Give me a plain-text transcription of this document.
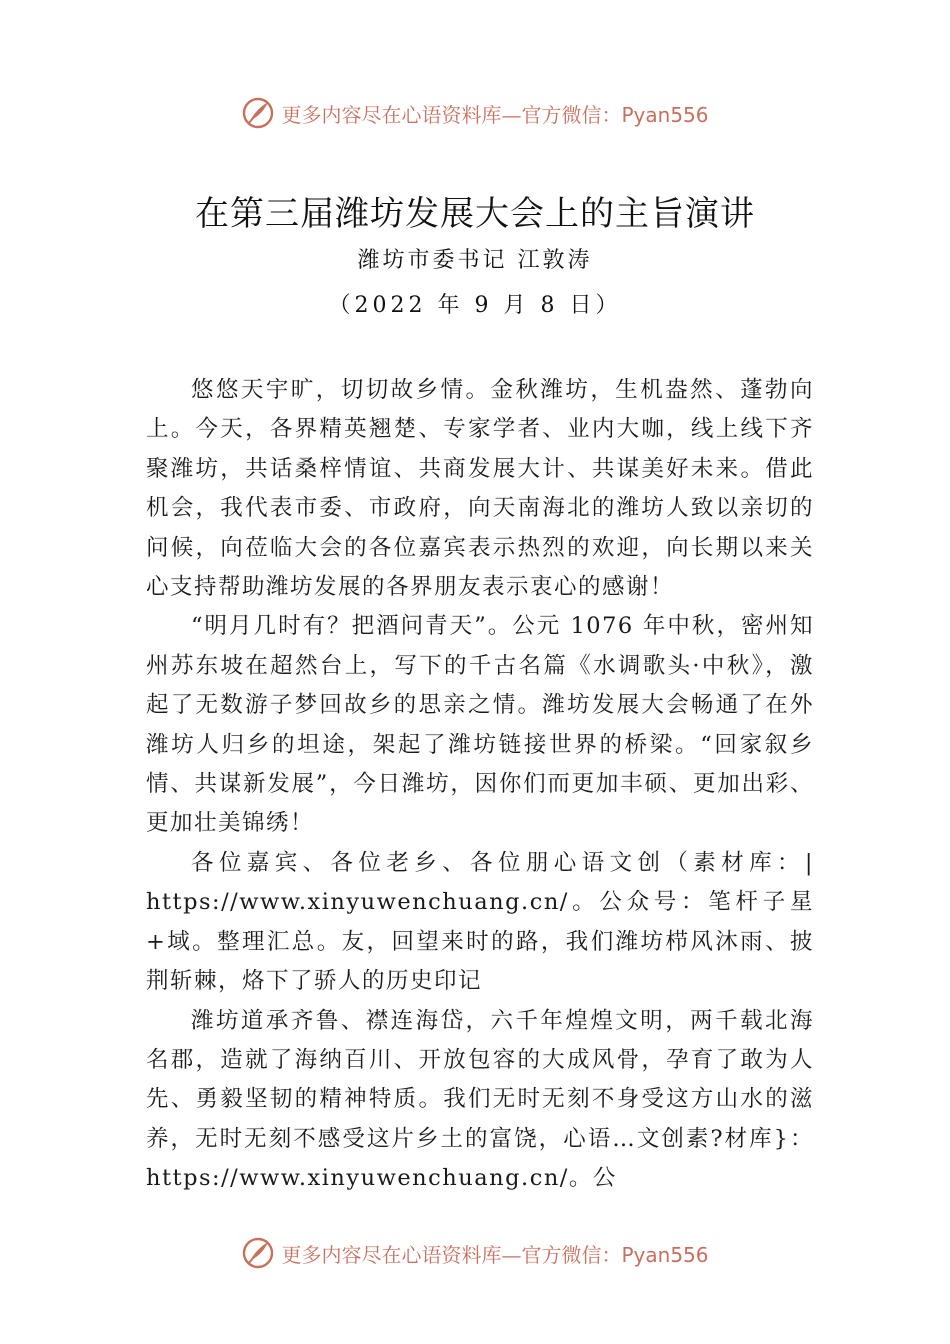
更多内容尽在心语资料库—官方微信：Pyan556
在第三届潍坊发展大会上的主旨演讲
潍坊市委书记 江敦涛
（2022 年 9 月 8 日）

悠悠天宇旷，切切故乡情。金秋潍坊，生机盎然、蓬勃向上。今天，各界精英翘楚、专家学者、业内大咖，线上线下齐聚潍坊，共话桑梓情谊、共商发展大计、共谋美好未来。借此机会，我代表市委、市政府，向天南海北的潍坊人致以亲切的问候，向莅临大会的各位嘉宾表示热烈的欢迎，向长期以来关心支持帮助潍坊发展的各界朋友表示衷心的感谢！

“明月几时有？把酒问青天”。公元 1076 年中秋，密州知州苏东坡在超然台上，写下的千古名篇《水调歌头·中秋》，激起了无数游子梦回故乡的思亲之情。潍坊发展大会畅通了在外潍坊人归乡的坦途，架起了潍坊链接世界的桥梁。“回家叙乡情、共谋新发展”，今日潍坊，因你们而更加丰硕、更加出彩、更加壮美锦绣！

各位嘉宾、各位老乡、各位朋心语文创（素材库：| https://www.xinyuwenchuang.cn/。公众号：笔杆子星+域。整理汇总。友，回望来时的路，我们潍坊栉风沐雨、披荆斩棘，烙下了骄人的历史印记

潍坊道承齐鲁、襟连海岱，六千年煌煌文明，两千载北海名郡，造就了海纳百川、开放包容的大成风骨，孕育了敢为人先、勇毅坚韧的精神特质。我们无时无刻不身受这方山水的滋养，无时无刻不感受这片乡土的富饶，心语…文创素?材库}：https://www.xinyuwenchuang.cn/。公

更多内容尽在心语资料库—官方微信：Pyan556
